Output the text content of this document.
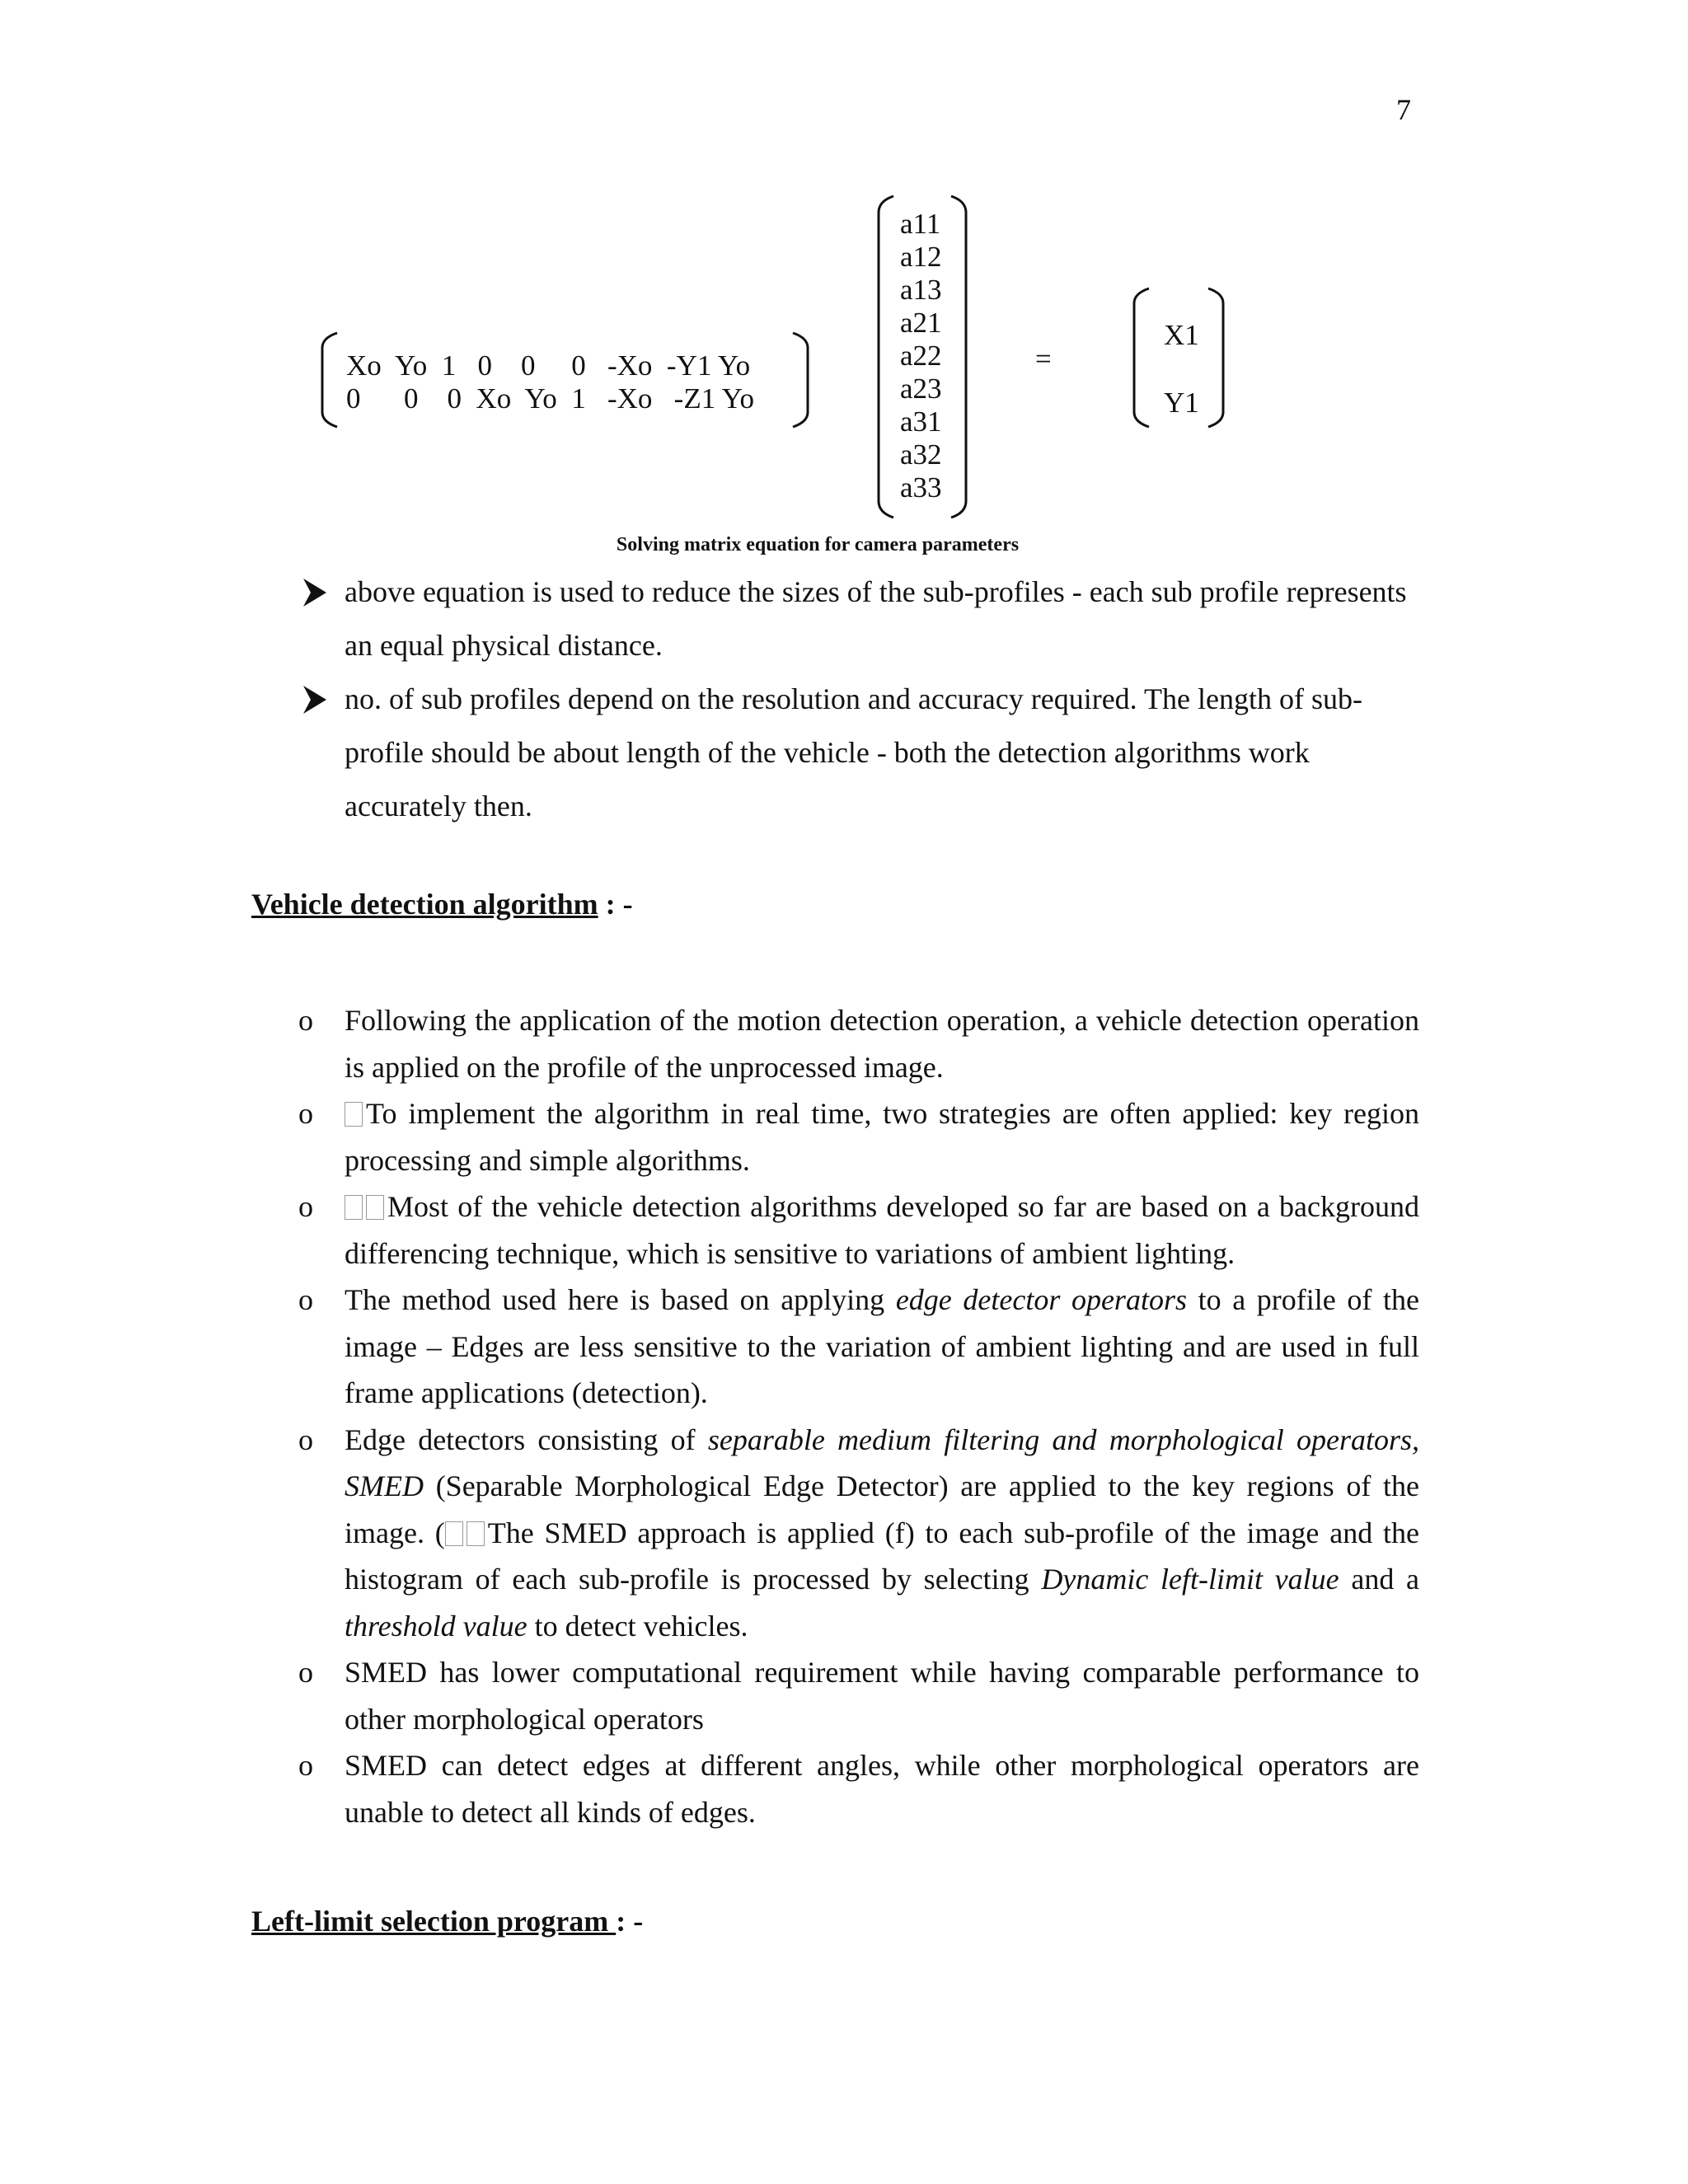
7
Xo  Yo  1   0    0     0   -Xo  -Y1 Yo
0      0    0  Xo  Yo  1   -Xo   -Z1 Yo
a11
a12
a13
a21
a22
a23
a31
a32
a33
=
X1
Y1
Solving matrix equation for camera parameters
above equation is used to reduce the sizes of the sub-profiles - each sub profile represents an equal physical distance.
no. of sub profiles depend on the resolution and accuracy required. The length of sub-profile should be about length of the vehicle - both the detection algorithms work accurately then.
Vehicle detection algorithm : -
o Following the application of the motion detection operation, a vehicle detection operation is applied on the profile of the unprocessed image.
o To implement the algorithm in real time, two strategies are often applied: key region processing and simple algorithms.
o	Most of the vehicle detection algorithms developed so far are based on a background differencing technique, which is sensitive to variations of ambient lighting.
o The method used here is based on applying edge detector operators to a profile of the image – Edges are less sensitive to the variation of ambient lighting and are used in full frame applications (detection).
o Edge detectors consisting of separable medium filtering and morphological operators, SMED (Separable Morphological Edge Detector) are applied to the key regions of the image. ( The SMED approach is applied (f) to each sub-profile of the image and the histogram of each sub-profile is processed by selecting Dynamic left-limit value and a threshold value to detect vehicles.
o SMED has lower computational requirement while having comparable performance to other morphological operators
o SMED can detect edges at different angles, while other morphological operators are unable to detect all kinds of edges.
Left-limit selection program : -
